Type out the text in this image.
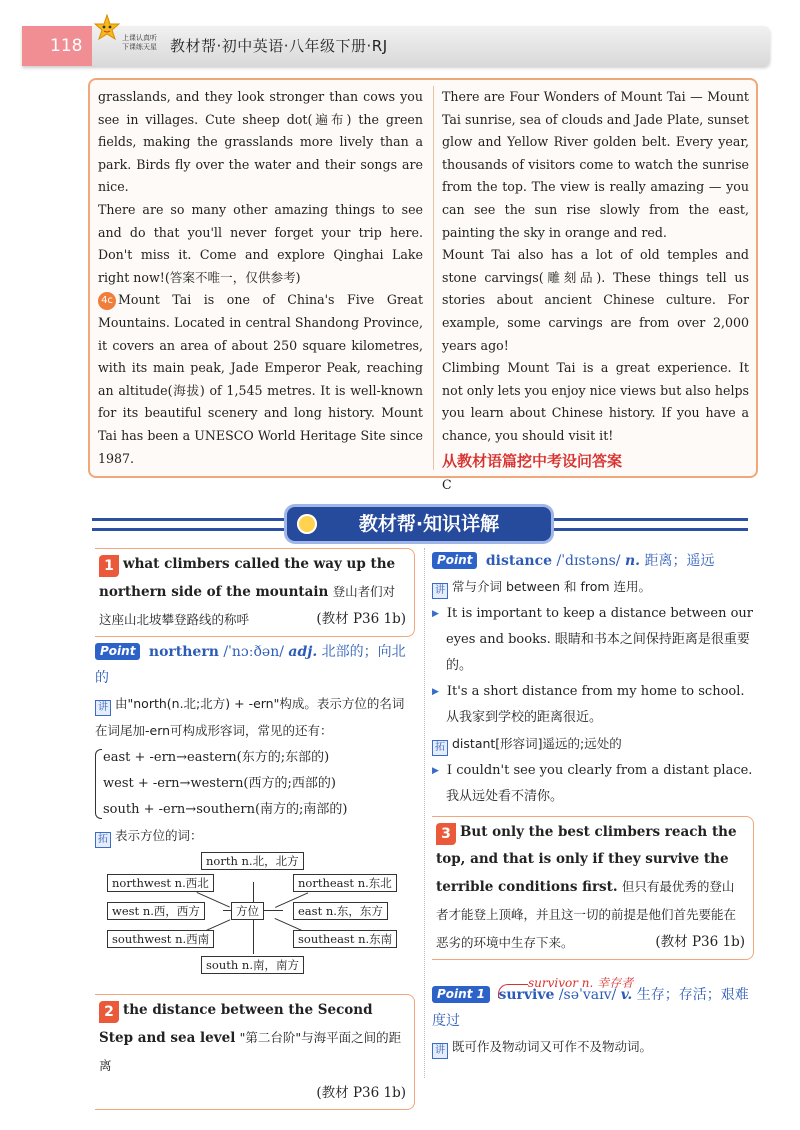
118	上课认真听
下课练天星 教材帮·初中英语·八年级下册·RJ

grasslands, and they look stronger than cows you see in villages. Cute sheep dot(遍布) the green fields, making the grasslands more lively than a park. Birds fly over the water and their songs are nice.

There are so many other amazing things to see and do that you'll never forget your trip here. Don't miss it. Come and explore Qinghai Lake right now!(答案不唯一，仅供参考)

4c Mount Tai is one of China's Five Great Mountains. Located in central Shandong Province, it covers an area of about 250 square kilometres, with its main peak, Jade Emperor Peak, reaching an altitude(海拔) of 1,545 metres. It is well-known for its beautiful scenery and long history. Mount Tai has been a UNESCO World Heritage Site since 1987.

There are Four Wonders of Mount Tai — Mount Tai sunrise, sea of clouds and Jade Plate, sunset glow and Yellow River golden belt. Every year, thousands of visitors come to watch the sunrise from the top. The view is really amazing — you can see the sun rise slowly from the east, painting the sky in orange and red.

Mount Tai also has a lot of old temples and stone carvings(雕刻品). These things tell us stories about ancient Chinese culture. For example, some carvings are from over 2,000 years ago!

Climbing Mount Tai is a great experience. It not only lets you enjoy nice views but also helps you learn about Chinese history. If you have a chance, you should visit it!

从教材语篇挖中考设问答案

C

教材帮·知识详解
1 what climbers called the way up the northern side of the mountain 登山者们对这座山北坡攀登路线的称呼	(教材 P36 1b)
Point northern /ˈnɔːðən/ adj. 北部的；向北的
讲 由"north(n.北;北方) + -ern"构成。表示方位的名词在词尾加-ern可构成形容词，常见的还有：
east + -ern→eastern(东方的;东部的)
west + -ern→western(西方的;西部的)
south + -ern→southern(南方的;南部的)
拓 表示方位的词：
north n.北，北方
northwest n.西北	northeast n.东北
west n.西，西方	方位	east n.东，东方
southwest n.西南	southeast n.东南
south n.南，南方
2 the distance between the Second Step and sea level "第二台阶"与海平面之间的距离
(教材 P36 1b)
Point distance /ˈdɪstəns/ n. 距离；遥远
讲 常与介词 between 和 from 连用。
▶ It is important to keep a distance between our eyes and books. 眼睛和书本之间保持距离是很重要的。
▶ It's a short distance from my home to school. 从我家到学校的距离很近。
拓 distant[形容词]遥远的;远处的
▶ I couldn't see you clearly from a distant place. 我从远处看不清你。
3 But only the best climbers reach the top, and that is only if they survive the terrible conditions first. 但只有最优秀的登山者才能登上顶峰，并且这一切的前提是他们首先要能在恶劣的环境中生存下来。	(教材 P36 1b)
Point 1 survive /səˈvaɪv/ v. 生存；存活；艰难度过
讲 既可作及物动词又可作不及物动词。
survivor n. 幸存者
